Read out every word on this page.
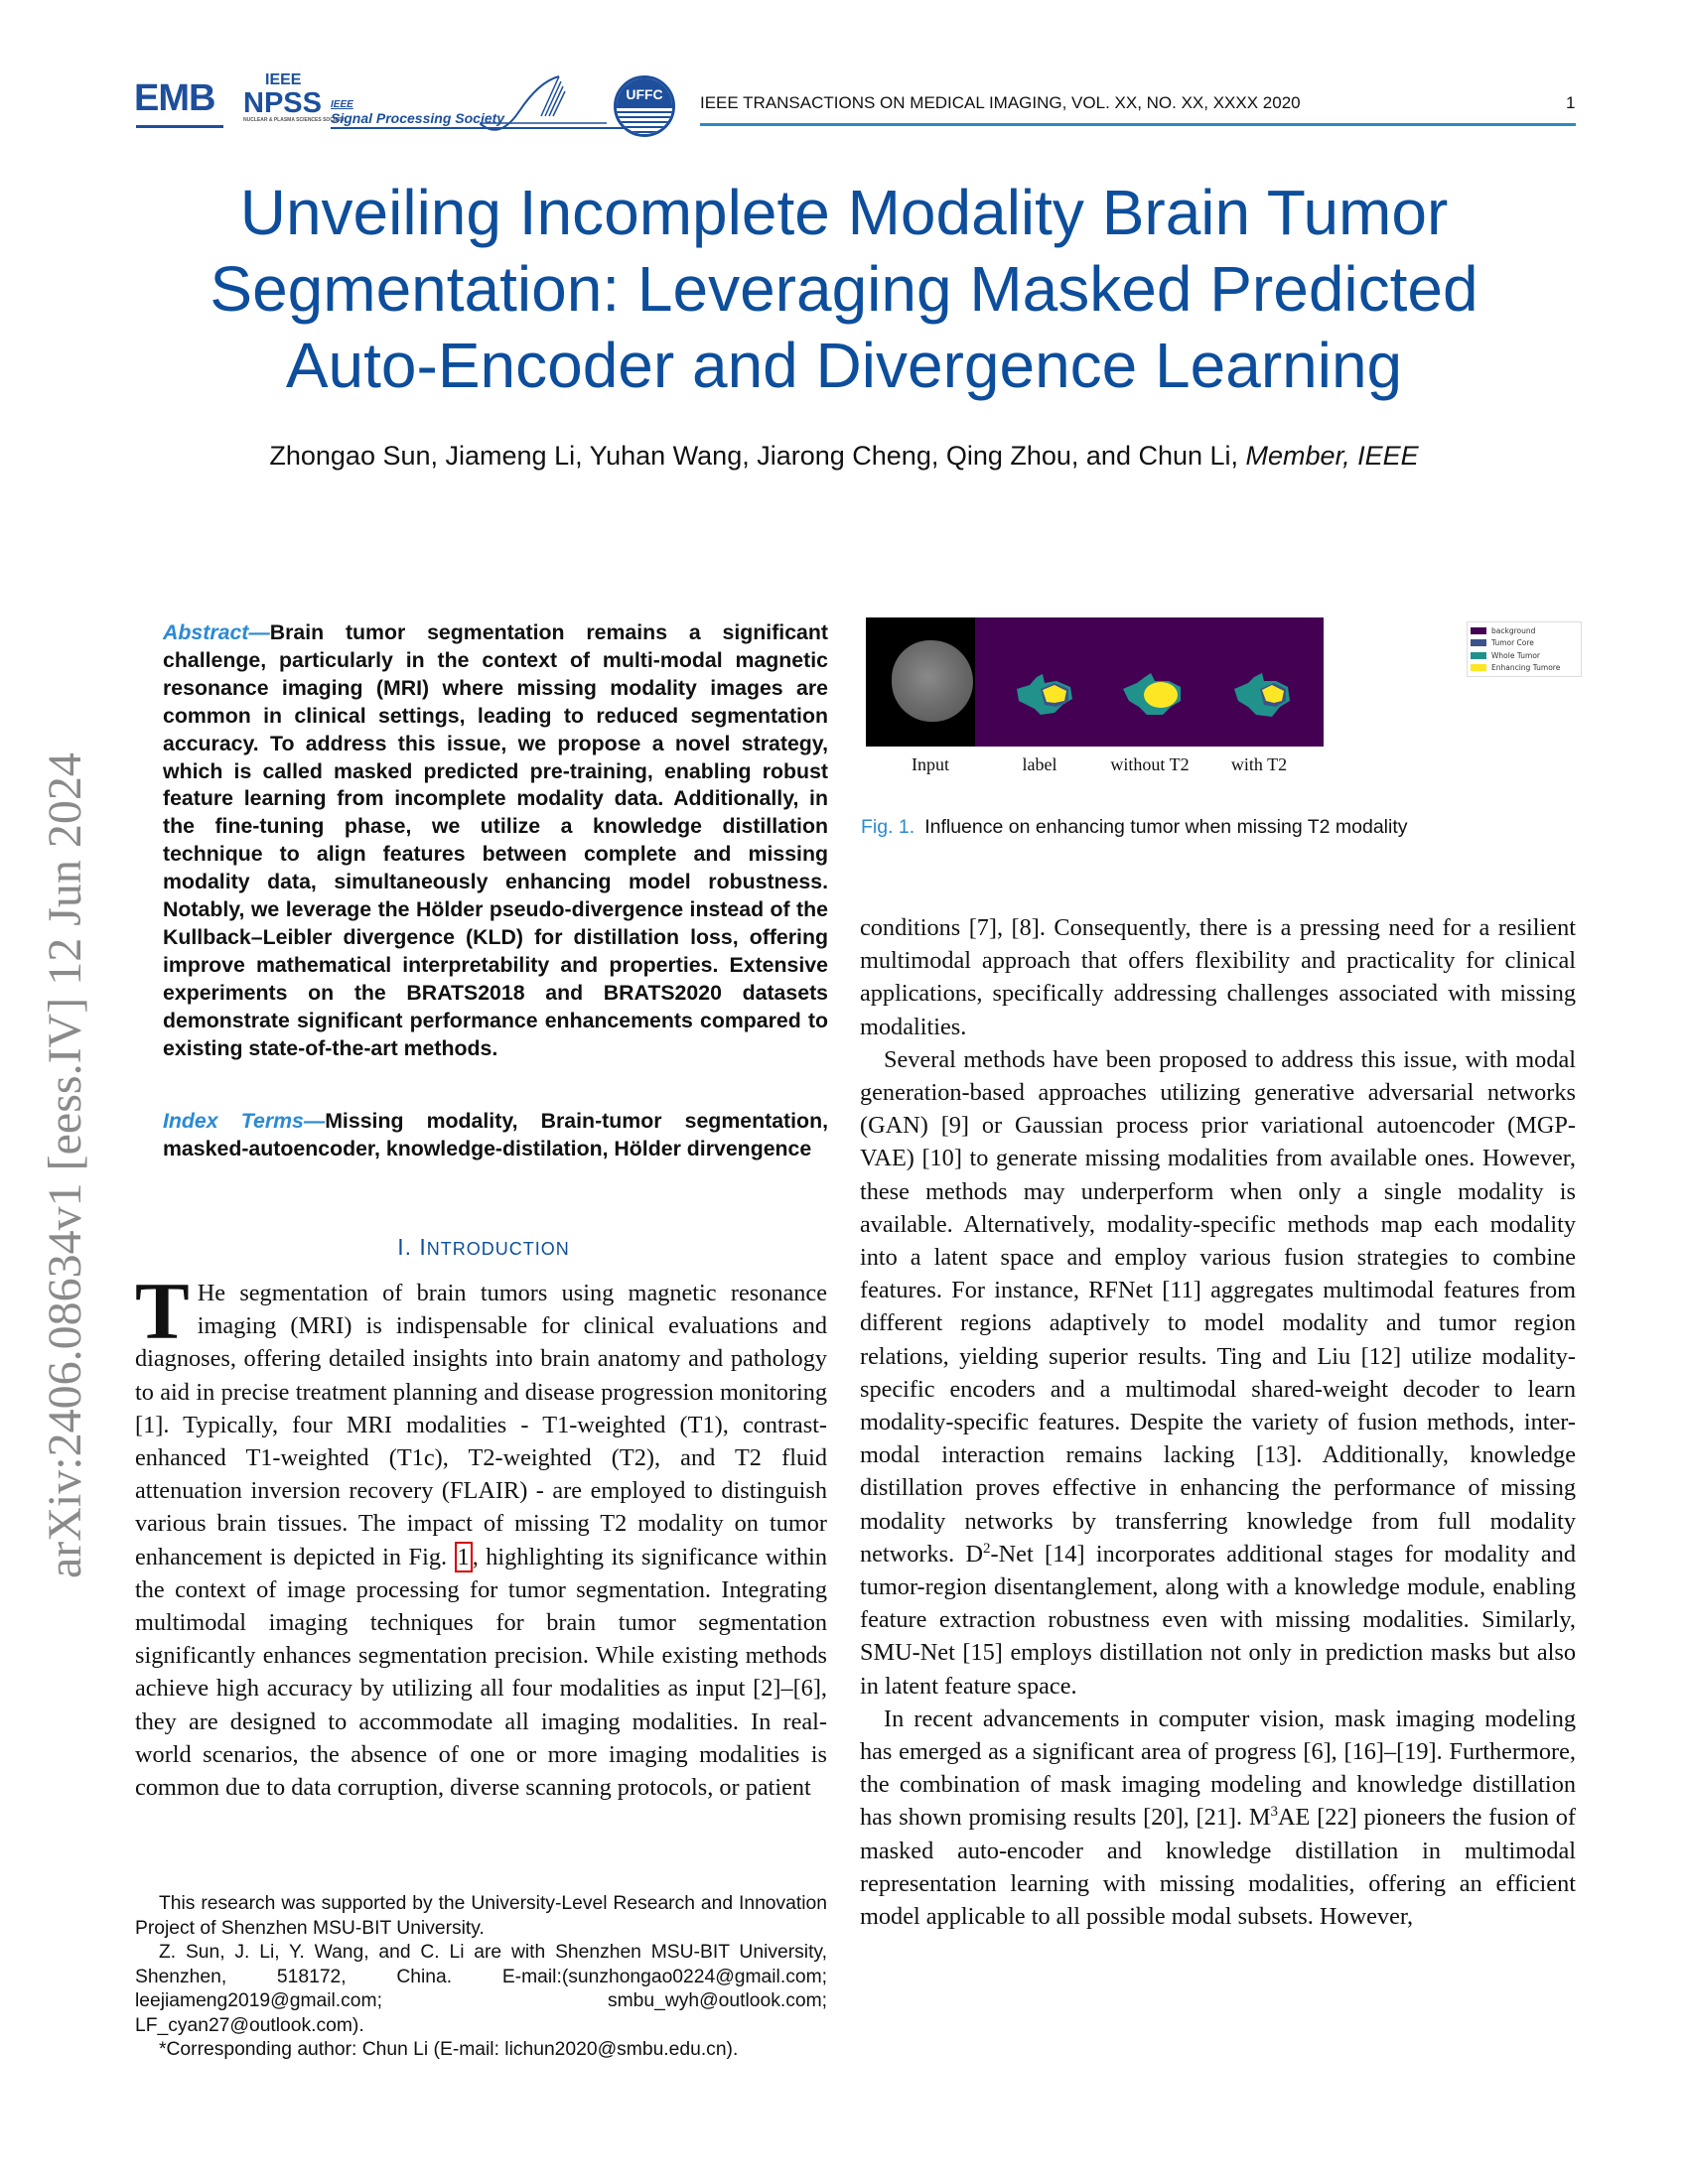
EMB	IEEE
NPSS
NUCLEAR & PLASMA SCIENCES SOCIETY
IEEE
Signal Processing Society
UFFC	IEEE TRANSACTIONS ON MEDICAL IMAGING, VOL. XX, NO. XX, XXXX 2020	1
Unveiling Incomplete Modality Brain Tumor
Segmentation: Leveraging Masked Predicted
Auto-Encoder and Divergence Learning
Zhongao Sun, Jiameng Li, Yuhan Wang, Jiarong Cheng, Qing Zhou, and Chun Li, Member, IEEE
arXiv:2406.08634v1 [eess.IV] 12 Jun 2024
Abstract—Brain tumor segmentation remains a significant challenge, particularly in the context of multi-modal magnetic resonance imaging (MRI) where missing modality images are common in clinical settings, leading to reduced segmentation accuracy. To address this issue, we propose a novel strategy, which is called masked predicted pre-training, enabling robust feature learning from incomplete modality data. Additionally, in the fine-tuning phase, we utilize a knowledge distillation technique to align features between complete and missing modality data, simultaneously enhancing model robustness. Notably, we leverage the Hölder pseudo-divergence instead of the Kullback–Leibler divergence (KLD) for distillation loss, offering improve mathematical interpretability and properties. Extensive experiments on the BRATS2018 and BRATS2020 datasets demonstrate significant performance enhancements compared to existing state-of-the-art methods.
Index Terms—Missing modality, Brain-tumor segmentation, masked-autoencoder, knowledge-distilation, Hölder dirvengence
I. INTRODUCTION
T He segmentation of brain tumors using magnetic resonance imaging (MRI) is indispensable for clinical evaluations and diagnoses, offering detailed insights into brain anatomy and pathology to aid in precise treatment planning and disease progression monitoring [1]. Typically, four MRI modalities - T1-weighted (T1), contrast-enhanced T1-weighted (T1c), T2-weighted (T2), and T2 fluid attenuation inversion recovery (FLAIR) - are employed to distinguish various brain tissues. The impact of missing T2 modality on tumor enhancement is depicted in Fig. 1 , highlighting its significance within the context of image processing for tumor segmentation. Integrating multimodal imaging techniques for brain tumor segmentation significantly enhances segmentation precision. While existing methods achieve high accuracy by utilizing all four modalities as input [2]–[6], they are designed to accommodate all imaging modalities. In real-world scenarios, the absence of one or more imaging modalities is common due to data corruption, diverse scanning protocols, or patient

This research was supported by the University-Level Research and Innovation Project of Shenzhen MSU-BIT University.

Z. Sun, J. Li, Y. Wang, and C. Li are with Shenzhen MSU-BIT University, Shenzhen, 518172, China. E-mail:(sunzhongao0224@gmail.com; leejiameng2019@gmail.com; smbu_wyh@outlook.com; LF_cyan27@outlook.com).

*Corresponding author: Chun Li (E-mail: lichun2020@smbu.edu.cn).

Input	label	without T2	with T2
background
Tumor Core
Whole Tumor
Enhancing Tumore
Fig. 1. Influence on enhancing tumor when missing T2 modality

conditions [7], [8]. Consequently, there is a pressing need for a resilient multimodal approach that offers flexibility and practicality for clinical applications, specifically addressing challenges associated with missing modalities.

Several methods have been proposed to address this issue, with modal generation-based approaches utilizing generative adversarial networks (GAN) [9] or Gaussian process prior variational autoencoder (MGP-VAE) [10] to generate missing modalities from available ones. However, these methods may underperform when only a single modality is available. Alternatively, modality-specific methods map each modality into a latent space and employ various fusion strategies to combine features. For instance, RFNet [11] aggregates multimodal features from different regions adaptively to model modality and tumor region relations, yielding superior results. Ting and Liu [12] utilize modality-specific encoders and a multimodal shared-weight decoder to learn modality-specific features. Despite the variety of fusion methods, inter-modal interaction remains lacking [13]. Additionally, knowledge distillation proves effective in enhancing the performance of missing modality networks by transferring knowledge from full modality networks. $D^2$-Net [14] incorporates additional stages for modality and tumor-region disentanglement, along with a knowledge module, enabling feature extraction robustness even with missing modalities. Similarly, SMU-Net [15] employs distillation not only in prediction masks but also in latent feature space.

In recent advancements in computer vision, mask imaging modeling has emerged as a significant area of progress [6], [16]–[19]. Furthermore, the combination of mask imaging modeling and knowledge distillation has shown promising results [20], [21]. $M^3AE$ [22] pioneers the fusion of masked auto-encoder and knowledge distillation in multimodal representation learning with missing modalities, offering an efficient model applicable to all possible modal subsets. However,
